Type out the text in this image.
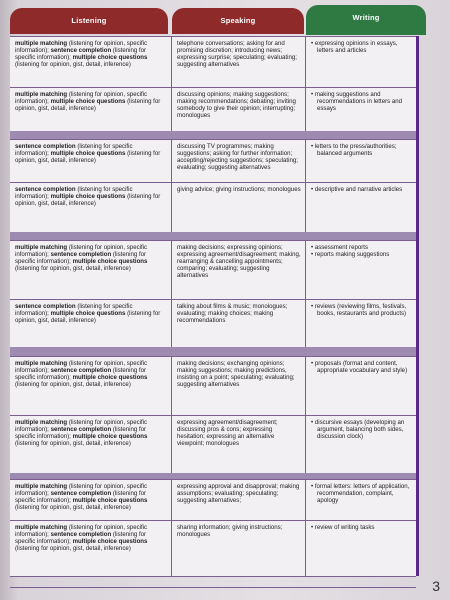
Listening	Speaking	Writing
multiple matching (listening for opinion, specific information); sentence completion (listening for specific information); multiple choice questions (listening for opinion, gist, detail, inference)
telephone conversations; asking for and promising discretion; introducing news; expressing surprise; speculating; evaluating; suggesting alternatives
• expressing opinions in essays, letters and articles
multiple matching (listening for opinion, specific information); multiple choice questions (listening for opinion, gist, detail, inference)
discussing opinions; making suggestions; making recommendations; debating; inviting somebody to give their opinion; interrupting; monologues
• making suggestions and recommendations in letters and essays
sentence completion (listening for specific information); multiple choice questions (listening for opinion, gist, detail, inference)
discussing TV programmes; making suggestions; asking for further information; accepting/rejecting suggestions; speculating; evaluating; suggesting alternatives
• letters to the press/authorities; balanced arguments
sentence completion (listening for specific information); multiple choice questions (listening for opinion, gist, detail, inference)
giving advice; giving instructions; monologues
•	descriptive and narrative articles
multiple matching (listening for opinion, specific information); sentence completion (listening for specific information); multiple choice questions (listening for opinion, gist, detail, inference)
making decisions; expressing opinions; expressing agreement/disagreement; making, rearranging & cancelling appointments; comparing; evaluating; suggesting alternatives
• assessment reports
• reports making suggestions
sentence completion (listening for specific information); multiple choice questions (listening for opinion, gist, detail, inference)
talking about films & music; monologues; evaluating; making choices; making recommendations
• reviews (reviewing films, festivals, books, restaurants and products)
multiple matching (listening for opinion, specific information); sentence completion (listening for specific information); multiple choice questions (listening for opinion, gist, detail, inference)
making decisions; exchanging opinions; making suggestions; making predictions, insisting on a point; speculating; evaluating; suggesting alternatives
• proposals (format and content, appropriate vocabulary and style)
multiple matching (listening for opinion, specific information); sentence completion (listening for specific information); multiple choice questions (listening for opinion, gist, detail, inference)
expressing agreement/disagreement; discussing pros & cons; expressing hesitation; expressing an alternative viewpoint; monologues
• discursive essays (developing an argument, balancing both sides, discussion clock)
multiple matching (listening for opinion, specific information); sentence completion (listening for specific information); multiple choice questions (listening for opinion, gist, detail, inference)
expressing approval and disapproval; making assumptions; evaluating; speculating; suggesting alternatives;
• formal letters: letters of application, recommendation, complaint, apology
multiple matching (listening for opinion, specific information); sentence completion (listening for specific information); multiple choice questions (listening for opinion, gist, detail, inference)
sharing information; giving instructions; monologues
• review of writing tasks
3
